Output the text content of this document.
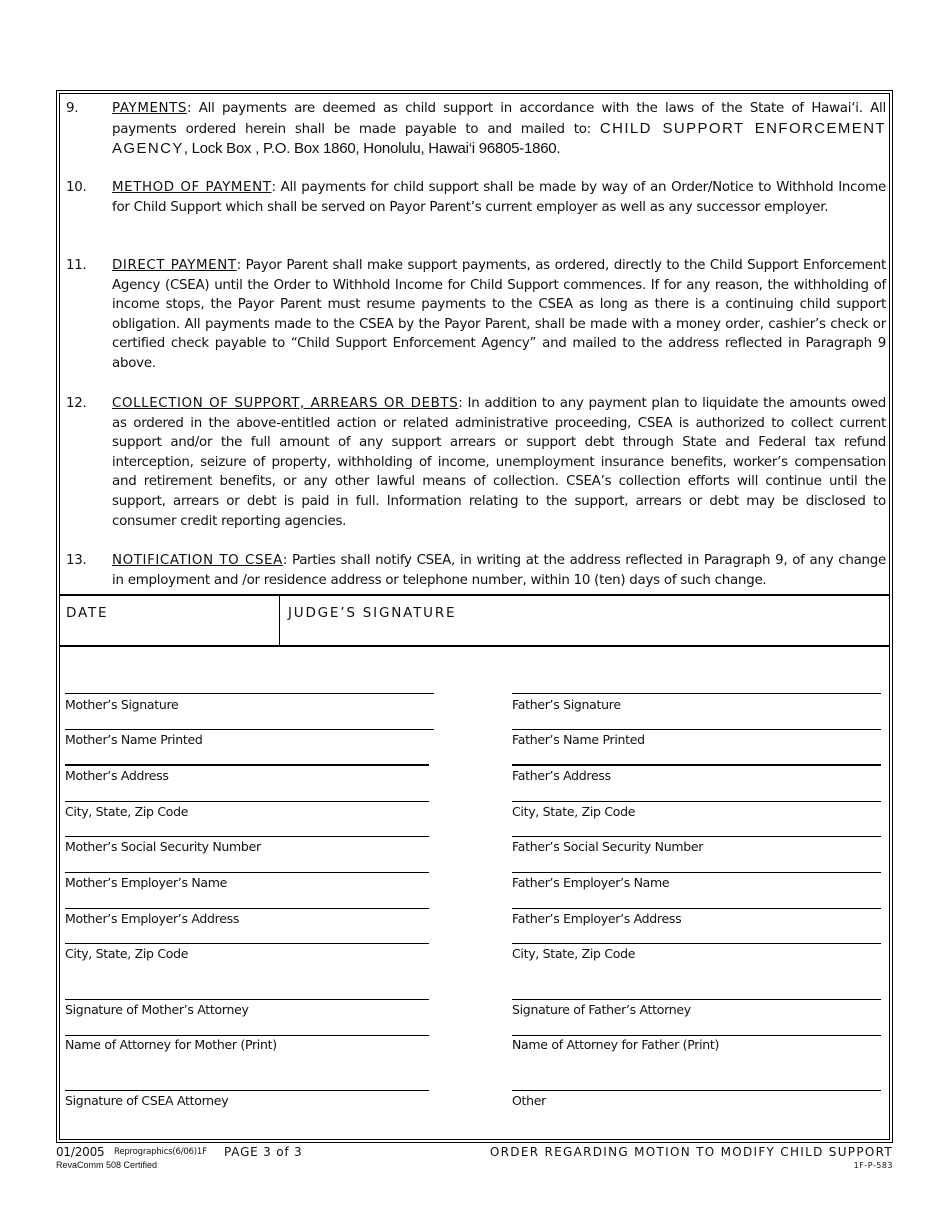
9.	PAYMENTS: All payments are deemed as child support in accordance with the laws of the State of Hawai‘i. All payments ordered herein shall be made payable to and mailed to: CHILD SUPPORT ENFORCEMENT AGENCY, Lock Box , P.O. Box 1860, Honolulu, Hawai‘i 96805-1860.
10. METHOD OF PAYMENT: All payments for child support shall be made by way of an Order/Notice to Withhold Income for Child Support which shall be served on Payor Parent’s current employer as well as any successor employer.
11. DIRECT PAYMENT: Payor Parent shall make support payments, as ordered, directly to the Child Support Enforcement Agency (CSEA) until the Order to Withhold Income for Child Support commences. If for any reason, the withholding of income stops, the Payor Parent must resume payments to the CSEA as long as there is a continuing child support obligation. All payments made to the CSEA by the Payor Parent, shall be made with a money order, cashier’s check or certified check payable to “Child Support Enforcement Agency” and mailed to the address reflected in Paragraph 9 above.
12. COLLECTION OF SUPPORT, ARREARS OR DEBTS: In addition to any payment plan to liquidate the amounts owed as ordered in the above-entitled action or related administrative proceeding, CSEA is authorized to collect current support and/or the full amount of any support arrears or support debt through State and Federal tax refund interception, seizure of property, withholding of income, unemployment insurance benefits, worker’s compensation and retirement benefits, or any other lawful means of collection. CSEA’s collection efforts will continue until the support, arrears or debt is paid in full. Information relating to the support, arrears or debt may be disclosed to consumer credit reporting agencies.
13. NOTIFICATION TO CSEA: Parties shall notify CSEA, in writing at the address reflected in Paragraph 9, of any change in employment and /or residence address or telephone number, within 10 (ten) days of such change.
DATE	JUDGE’S SIGNATURE
Mother’s Signature
Mother’s Name Printed
Mother’s Address
City, State, Zip Code
Mother’s Social Security Number
Mother’s Employer’s Name
Mother’s Employer’s Address
City, State, Zip Code
Signature of Mother’s Attorney
Name of Attorney for Mother (Print)
Signature of CSEA Attorney
Father’s Signature
Father’s Name Printed
Father’s Address
City, State, Zip Code
Father’s Social Security Number
Father’s Employer’s Name
Father’s Employer’s Address
City, State, Zip Code
Signature of Father’s Attorney
Name of Attorney for Father (Print)
Other
01/2005 Reprographics(6/06)1F PAGE 3 of 3
RevaComm 508 Certified
ORDER REGARDING MOTION TO MODIFY CHILD SUPPORT
1F-P-583
